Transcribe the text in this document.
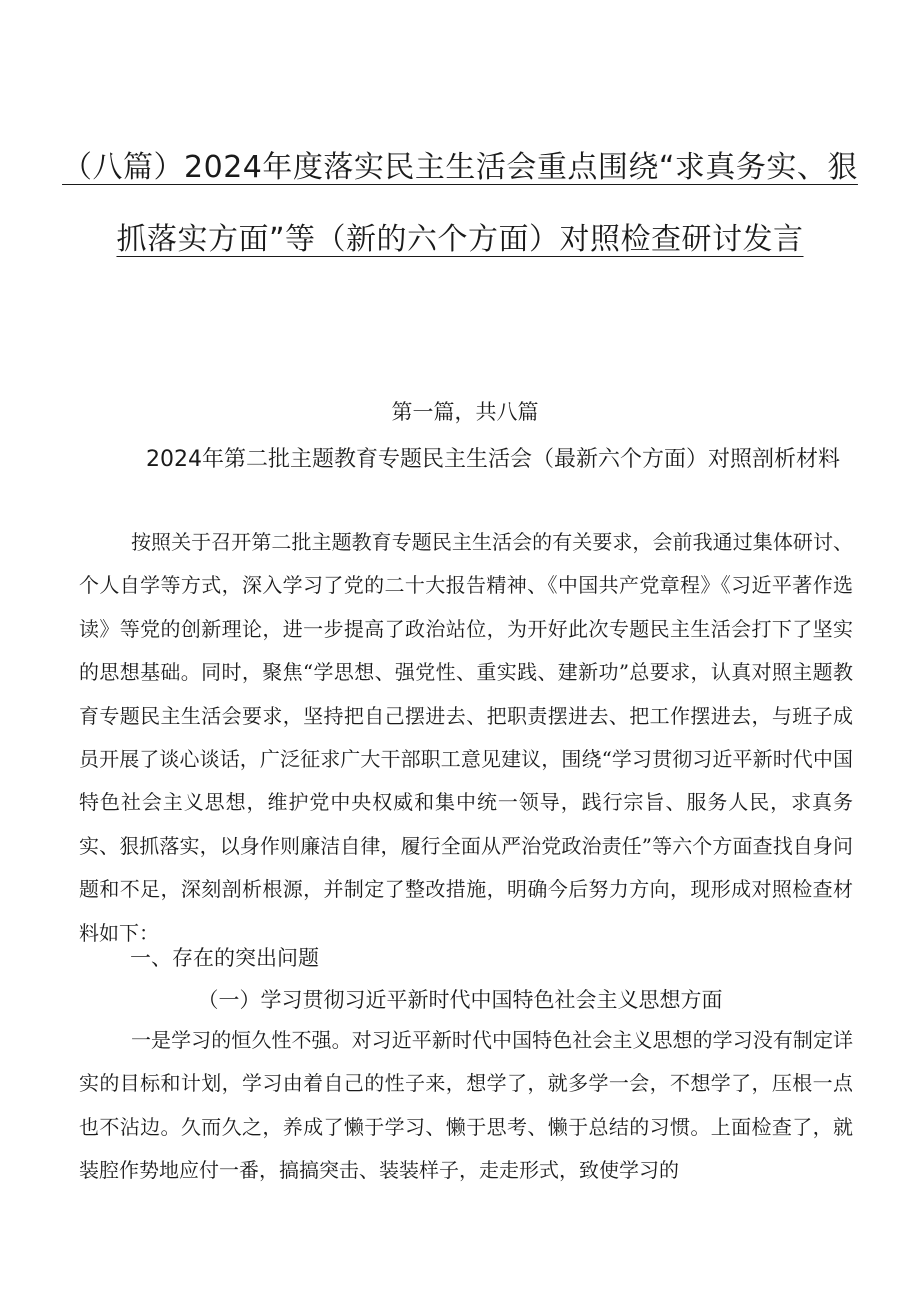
（八篇）2024年度落实民主生活会重点围绕“求真务实、狠抓落实方面”等（新的六个方面）对照检查研讨发言
第一篇，共八篇
2024年第二批主题教育专题民主生活会（最新六个方面）对照剖析材料

按照关于召开第二批主题教育专题民主生活会的有关要求，会前我通过集体研讨、个人自学等方式，深入学习了党的二十大报告精神、《中国共产党章程》《习近平著作选读》等党的创新理论，进一步提高了政治站位，为开好此次专题民主生活会打下了坚实的思想基础。同时，聚焦“学思想、强党性、重实践、建新功”总要求，认真对照主题教育专题民主生活会要求，坚持把自己摆进去、把职责摆进去、把工作摆进去，与班子成员开展了谈心谈话，广泛征求广大干部职工意见建议，围绕“学习贯彻习近平新时代中国特色社会主义思想，维护党中央权威和集中统一领导，践行宗旨、服务人民，求真务实、狠抓落实，以身作则廉洁自律，履行全面从严治党政治责任”等六个方面查找自身问题和不足，深刻剖析根源，并制定了整改措施，明确今后努力方向，现形成对照检查材料如下：

一、存在的突出问题
（一）学习贯彻习近平新时代中国特色社会主义思想方面

一是学习的恒久性不强。对习近平新时代中国特色社会主义思想的学习没有制定详实的目标和计划，学习由着自己的性子来，想学了，就多学一会，不想学了，压根一点也不沾边。久而久之，养成了懒于学习、懒于思考、懒于总结的习惯。上面检查了，就装腔作势地应付一番，搞搞突击、装装样子，走走形式，致使学习的
